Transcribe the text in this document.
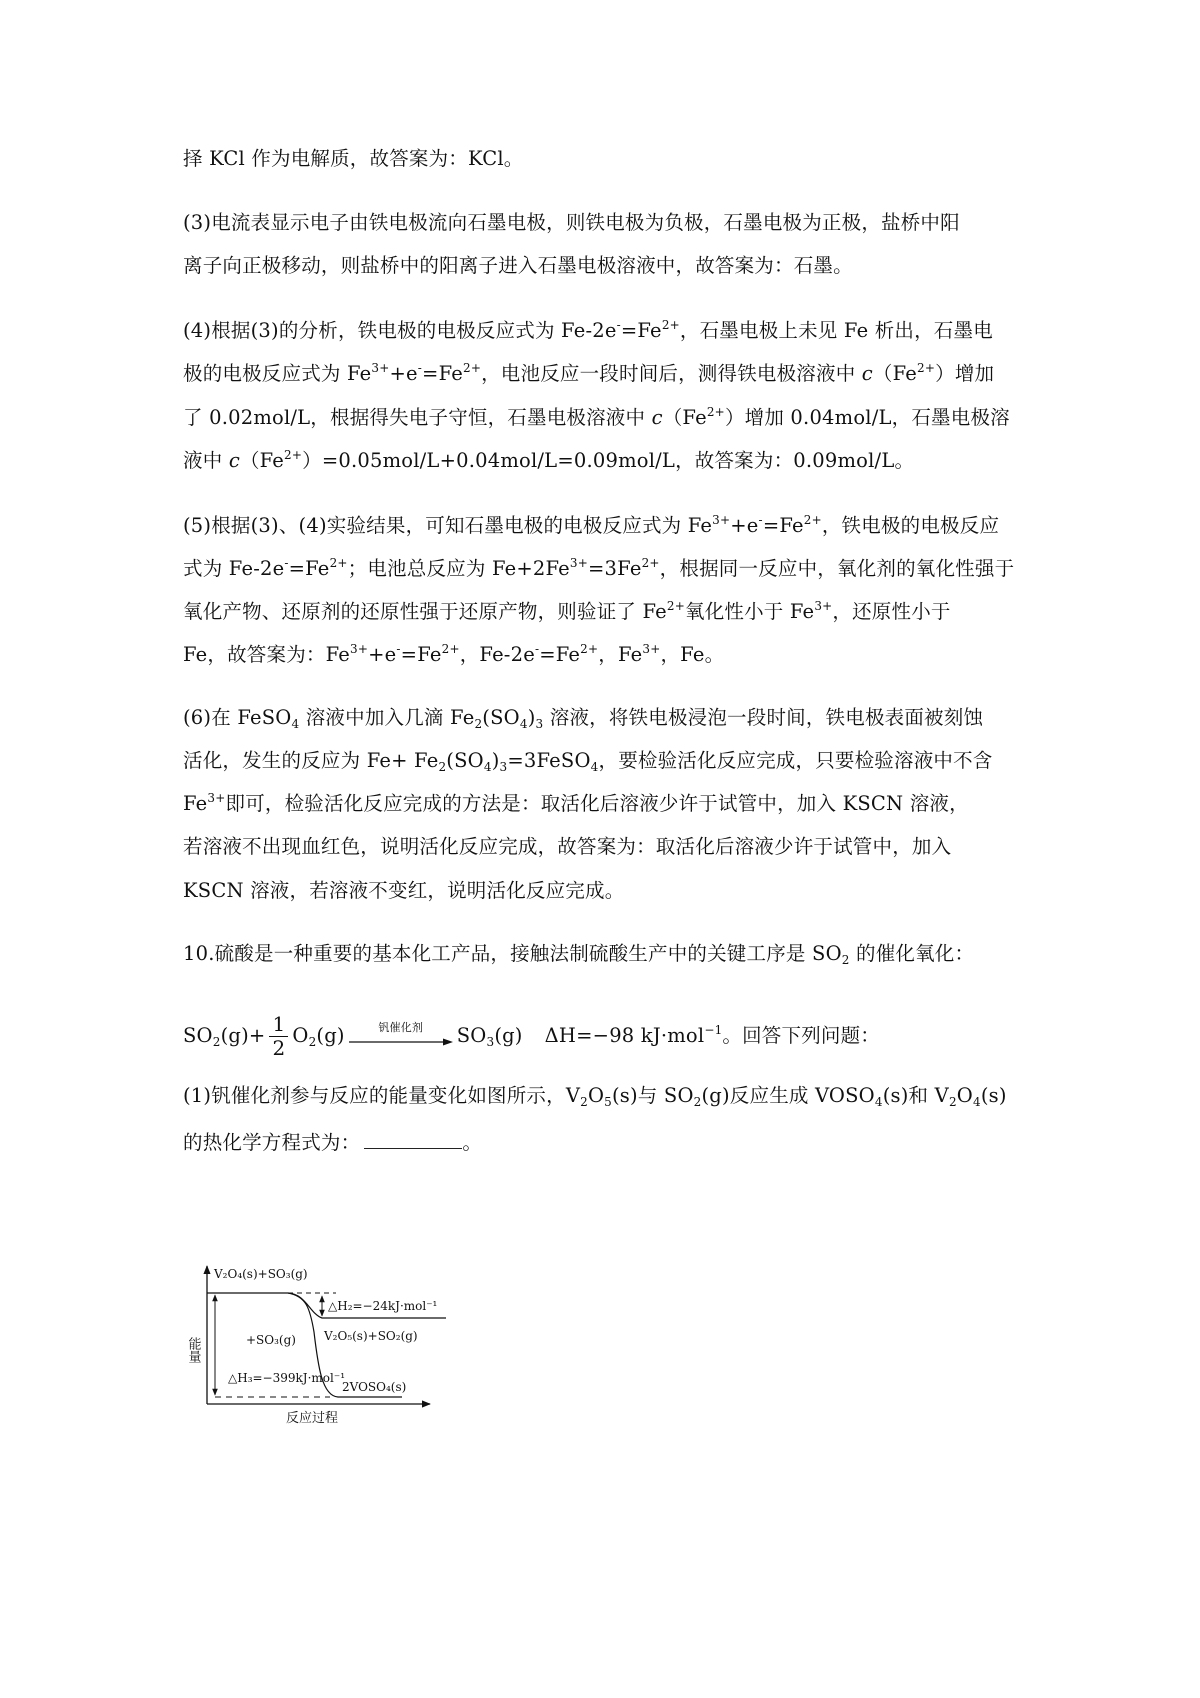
择 KCl 作为电解质，故答案为：KCl。
(3)电流表显示电子由铁电极流向石墨电极，则铁电极为负极，石墨电极为正极，盐桥中阳
离子向正极移动，则盐桥中的阳离子进入石墨电极溶液中，故答案为：石墨。
(4)根据(3)的分析，铁电极的电极反应式为 $Fe-2e^-=Fe^{2+}$，石墨电极上未见 Fe 析出，石墨电
极的电极反应式为 $Fe^{3+}+e^-=Fe^{2+}$，电池反应一段时间后，测得铁电极溶液中 $c(Fe^{2+})$增加
了 0.02mol/L，根据得失电子守恒，石墨电极溶液中 $c(Fe^{2+})$增加 0.04mol/L，石墨电极溶
液中 $c(Fe^{2+})=0.05mol/L+0.04mol/L=0.09mol/L$，故答案为：0.09mol/L。
(5)根据(3)、(4)实验结果，可知石墨电极的电极反应式为 $Fe^{3+}+e^-=Fe^{2+}$，铁电极的电极反应
式为 $Fe-2e^-=Fe^{2+}$；电池总反应为 $Fe+2Fe^{3+}=3Fe^{2+}$，根据同一反应中，氧化剂的氧化性强于
氧化产物、还原剂的还原性强于还原产物，则验证了 $Fe^{2+}$氧化性小于 $Fe^{3+}$，还原性小于
Fe，故答案为：$Fe^{3+}+e^-=Fe^{2+}$，$Fe-2e^-=Fe^{2+}$，$Fe^{3+}$，Fe。
(6)在 FeSO$_4$ 溶液中加入几滴 $Fe_2(SO_4)_3$ 溶液，将铁电极浸泡一段时间，铁电极表面被刻蚀
活化，发生的反应为 $Fe+ Fe_2(SO_4)_3=3FeSO_4$，要检验活化反应完成，只要检验溶液中不含
$Fe^{3+}$即可，检验活化反应完成的方法是：取活化后溶液少许于试管中，加入 KSCN 溶液，
若溶液不出现血红色，说明活化反应完成，故答案为：取活化后溶液少许于试管中，加入
KSCN 溶液，若溶液不变红，说明活化反应完成。
10.硫酸是一种重要的基本化工产品，接触法制硫酸生产中的关键工序是 $SO_2$ 的催化氧化：
$SO_2(g)+ \frac{1}{2} O_2(g)$	钒催化剂	$SO_3(g)$ ΔH=−98 kJ·mol$^{-1}$。回答下列问题：
(1)钒催化剂参与反应的能量变化如图所示，$V_2O_5(s)$与 $SO_2(g)$反应生成 $VOSO_4(s)$和 $V_2O_4(s)$
的热化学方程式为：	。
能量
反应过程
V₂O₄(s)+SO₃(g)
△H₂=−24kJ·mol⁻¹
V₂O₅(s)+SO₂(g)
+SO₃(g)
△H₃=−399kJ·mol⁻¹
2VOSO₄(s)
